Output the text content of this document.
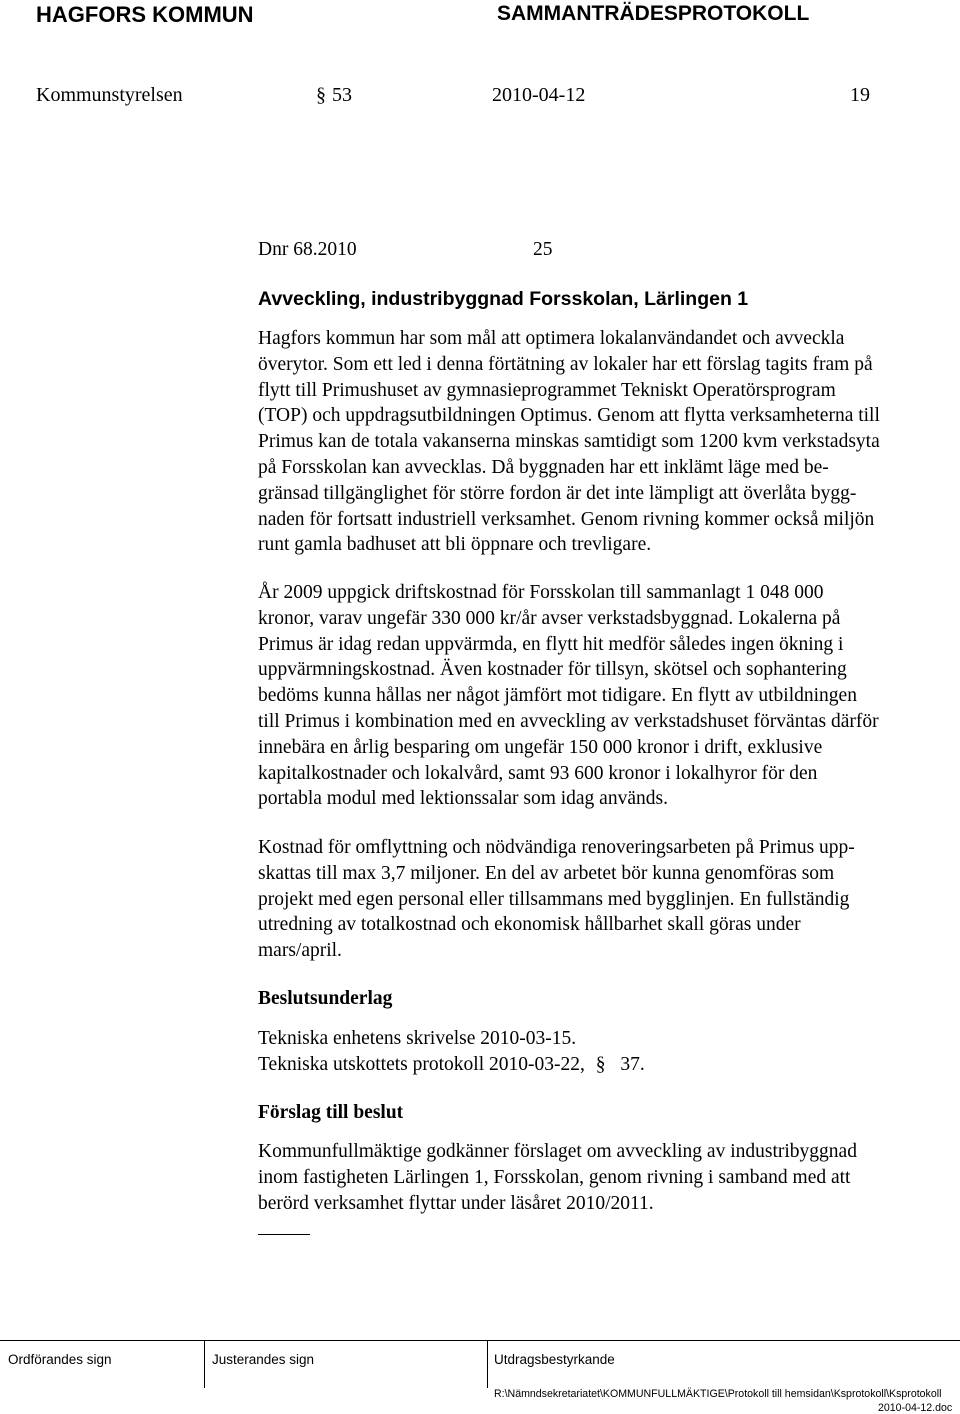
HAGFORS KOMMUN	SAMMANTRÄDESPROTOKOLL
Kommunstyrelsen	§ 53	2010-04-12	19
Dnr 68.2010	25
Avveckling, industribyggnad Forsskolan, Lärlingen 1

Hagfors kommun har som mål att optimera lokalanvändandet och avveckla
överytor. Som ett led i denna förtätning av lokaler har ett förslag tagits fram på
flytt till Primushuset av gymnasieprogrammet Tekniskt Operatörsprogram
(TOP) och uppdragsutbildningen Optimus. Genom att flytta verksamheterna till
Primus kan de totala vakanserna minskas samtidigt som 1200 kvm verkstadsyta
på Forsskolan kan avvecklas. Då byggnaden har ett inklämt läge med be-
gränsad tillgänglighet för större fordon är det inte lämpligt att överlåta bygg-
naden för fortsatt industriell verksamhet. Genom rivning kommer också miljön
runt gamla badhuset att bli öppnare och trevligare.

År 2009 uppgick driftskostnad för Forsskolan till sammanlagt 1 048 000
kronor, varav ungefär 330 000 kr/år avser verkstadsbyggnad. Lokalerna på
Primus är idag redan uppvärmda, en flytt hit medför således ingen ökning i
uppvärmningskostnad. Även kostnader för tillsyn, skötsel och sophantering
bedöms kunna hållas ner något jämfört mot tidigare. En flytt av utbildningen
till Primus i kombination med en avveckling av verkstadshuset förväntas därför
innebära en årlig besparing om ungefär 150 000 kronor i drift, exklusive
kapitalkostnader och lokalvård, samt 93 600 kronor i lokalhyror för den
portabla modul med lektionssalar som idag används.

Kostnad för omflyttning och nödvändiga renoveringsarbeten på Primus upp-
skattas till max 3,7 miljoner. En del av arbetet bör kunna genomföras som
projekt med egen personal eller tillsammans med bygglinjen. En fullständig
utredning av totalkostnad och ekonomisk hållbarhet skall göras under
mars/april.

Beslutsunderlag

Tekniska enhetens skrivelse 2010-03-15.
Tekniska utskottets protokoll 2010-03-22, § 37.

Förslag till beslut

Kommunfullmäktige godkänner förslaget om avveckling av industribyggnad
inom fastigheten Lärlingen 1, Forsskolan, genom rivning i samband med att
berörd verksamhet flyttar under läsåret 2010/2011.

Ordförandes sign	Justerandes sign	Utdragsbestyrkande
R:\Nämndsekretariatet\KOMMUNFULLMÄKTIGE\Protokoll till hemsidan\Ksprotokoll\Ksprotokoll
2010-04-12.doc
